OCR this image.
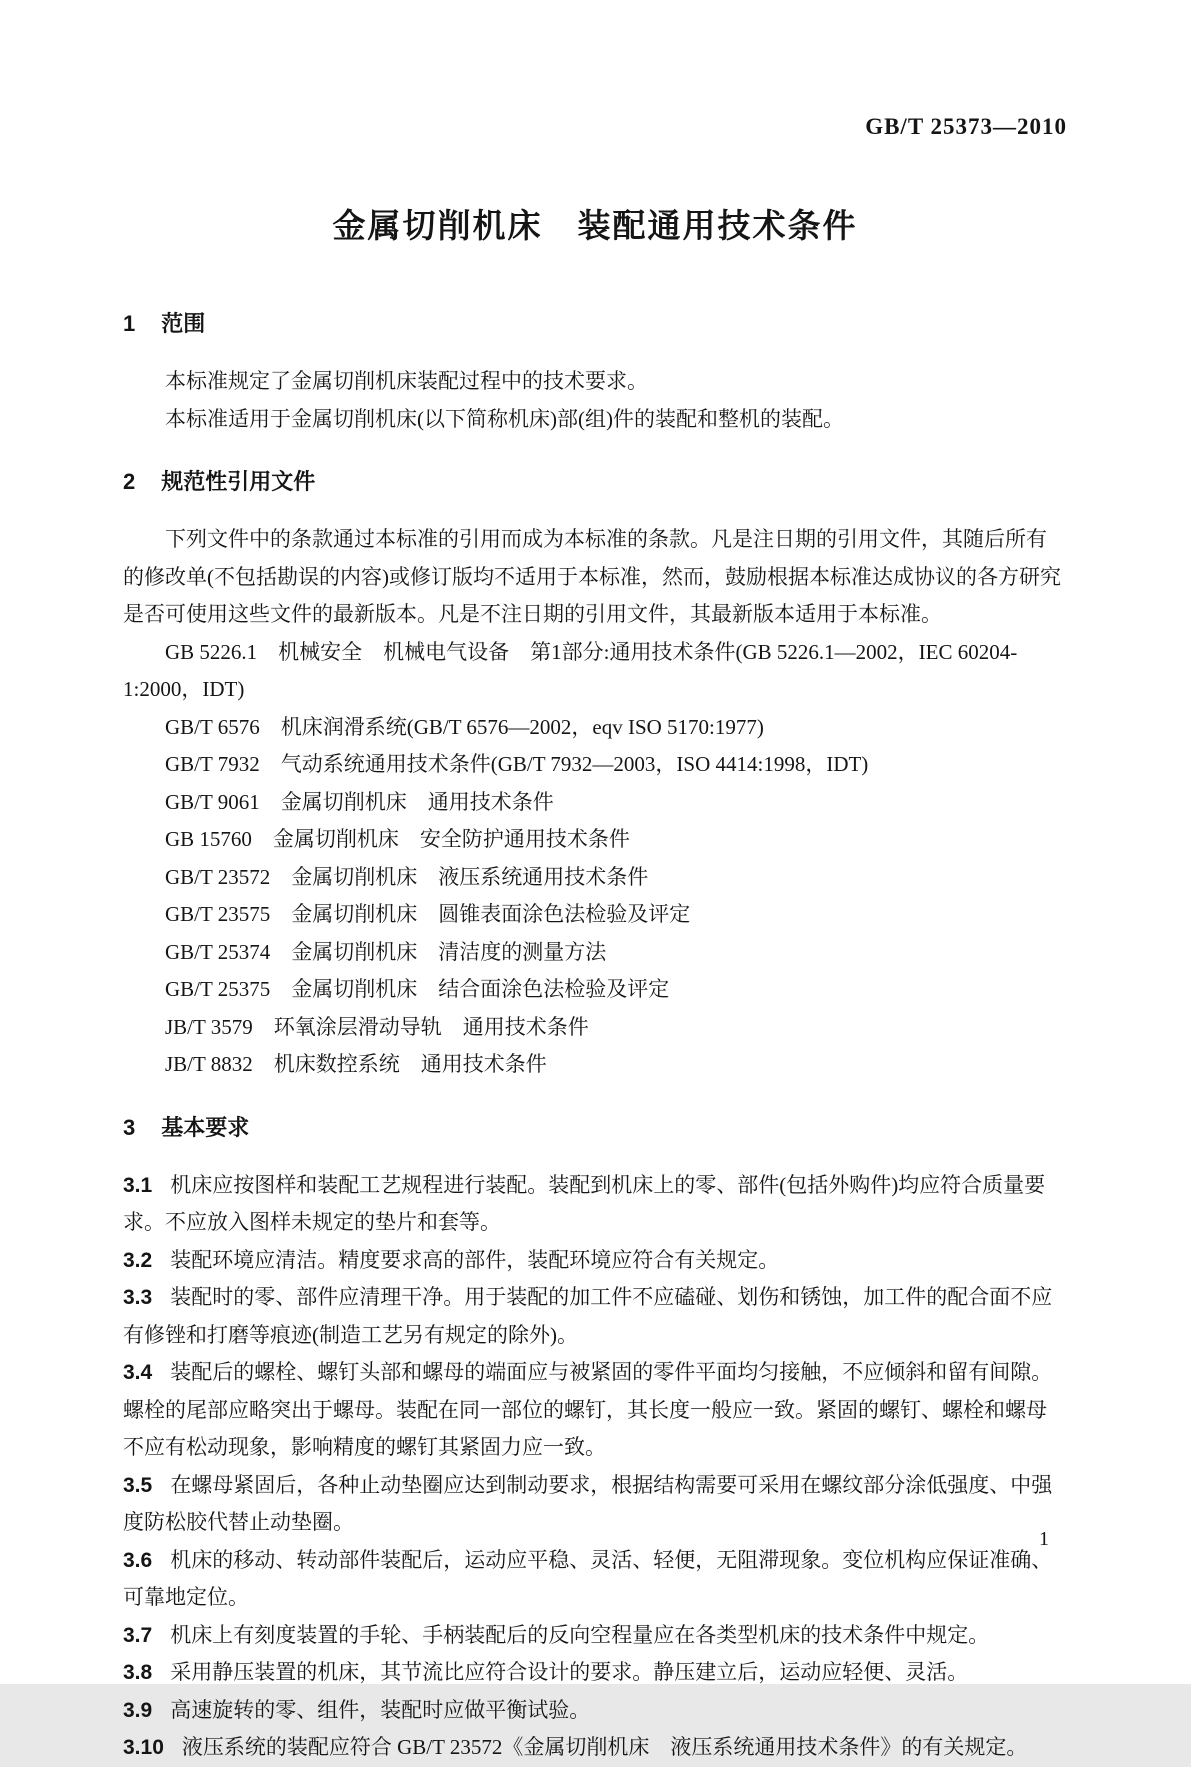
GB/T 25373—2010
金属切削机床　装配通用技术条件
1 范围

本标准规定了金属切削机床装配过程中的技术要求。

本标准适用于金属切削机床(以下简称机床)部(组)件的装配和整机的装配。

2 规范性引用文件

下列文件中的条款通过本标准的引用而成为本标准的条款。凡是注日期的引用文件，其随后所有的修改单(不包括勘误的内容)或修订版均不适用于本标准，然而，鼓励根据本标准达成协议的各方研究是否可使用这些文件的最新版本。凡是不注日期的引用文件，其最新版本适用于本标准。

GB 5226.1　机械安全　机械电气设备　第1部分:通用技术条件(GB 5226.1—2002，IEC 60204-1:2000，IDT)

GB/T 6576　机床润滑系统(GB/T 6576—2002，eqv ISO 5170:1977)

GB/T 7932　气动系统通用技术条件(GB/T 7932—2003，ISO 4414:1998，IDT)

GB/T 9061　金属切削机床　通用技术条件

GB 15760　金属切削机床　安全防护通用技术条件

GB/T 23572　金属切削机床　液压系统通用技术条件

GB/T 23575　金属切削机床　圆锥表面涂色法检验及评定

GB/T 25374　金属切削机床　清洁度的测量方法

GB/T 25375　金属切削机床　结合面涂色法检验及评定

JB/T 3579　环氧涂层滑动导轨　通用技术条件

JB/T 8832　机床数控系统　通用技术条件

3 基本要求

3.1 机床应按图样和装配工艺规程进行装配。装配到机床上的零、部件(包括外购件)均应符合质量要求。不应放入图样未规定的垫片和套等。

3.2 装配环境应清洁。精度要求高的部件，装配环境应符合有关规定。

3.3 装配时的零、部件应清理干净。用于装配的加工件不应磕碰、划伤和锈蚀，加工件的配合面不应有修锉和打磨等痕迹(制造工艺另有规定的除外)。

3.4 装配后的螺栓、螺钉头部和螺母的端面应与被紧固的零件平面均匀接触，不应倾斜和留有间隙。螺栓的尾部应略突出于螺母。装配在同一部位的螺钉，其长度一般应一致。紧固的螺钉、螺栓和螺母不应有松动现象，影响精度的螺钉其紧固力应一致。

3.5 在螺母紧固后，各种止动垫圈应达到制动要求，根据结构需要可采用在螺纹部分涂低强度、中强度防松胶代替止动垫圈。

3.6 机床的移动、转动部件装配后，运动应平稳、灵活、轻便，无阻滞现象。变位机构应保证准确、可靠地定位。

3.7 机床上有刻度装置的手轮、手柄装配后的反向空程量应在各类型机床的技术条件中规定。

3.8 采用静压装置的机床，其节流比应符合设计的要求。静压建立后，运动应轻便、灵活。

3.9 高速旋转的零、组件，装配时应做平衡试验。

3.10 液压系统的装配应符合 GB/T 23572《金属切削机床　液压系统通用技术条件》的有关规定。

1
